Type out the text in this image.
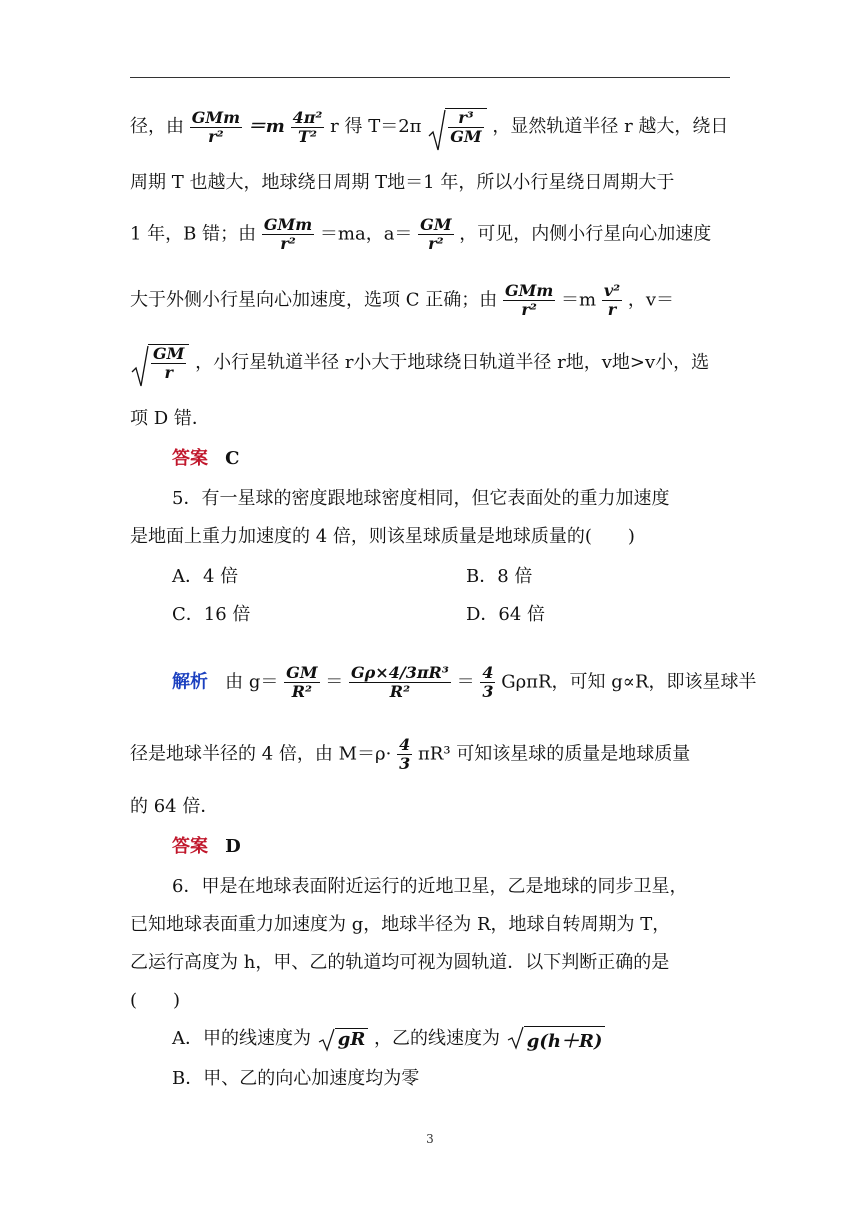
径，由 $\frac{\text{GMm}}{\text{r²}} =m \frac{\text{4π²}}{\text{T²}}$ r 得 $T=2\pi \frac{\text{r³}}{GM}$ ，显然轨道半径 r 越大，绕日
周期 T 也越大，地球绕日周期 T地＝1 年，所以小行星绕日周期大于
1 年，B 错；由 $\frac{\text{GMm}}{\text{r²}} =ma$，$a= \frac{GM}{\text{r²}}$ ，可见，内侧小行星向心加速度
大于外侧小行星向心加速度，选项 C 正确；由 $\frac{\text{GMm}}{\text{r²}} =m \frac{\text{v²}}{r}$ ，v＝
$\frac{GM}{r}$ ，小行星轨道半径 r小大于地球绕日轨道半径 r地，v地>v小，选
项 D 错．
答案 C
5．有一星球的密度跟地球密度相同，但它表面处的重力加速度
是地面上重力加速度的 4 倍，则该星球质量是地球质量的(　　)
A．4 倍	B．8 倍
C．16 倍	D．64 倍
解析 由 $g= \frac{GM}{\text{R²}} = \frac{\text{Gρ×4/3πR³}}{\text{R²}} = \frac{4}{3}$ GρπR，可知 g∝R，即该星球半
径是地球半径的 4 倍，由 $M=\rho\cdot \frac{4}{3} \pi R^3$ 可知该星球的质量是地球质量
的 64 倍．
答案 D
6．甲是在地球表面附近运行的近地卫星，乙是地球的同步卫星，
已知地球表面重力加速度为 g，地球半径为 R，地球自转周期为 T，
乙运行高度为 h，甲、乙的轨道均可视为圆轨道．以下判断正确的是
(　　)
A．甲的线速度为 gR ，乙的线速度为 g(h＋R)
B．甲、乙的向心加速度均为零
3
